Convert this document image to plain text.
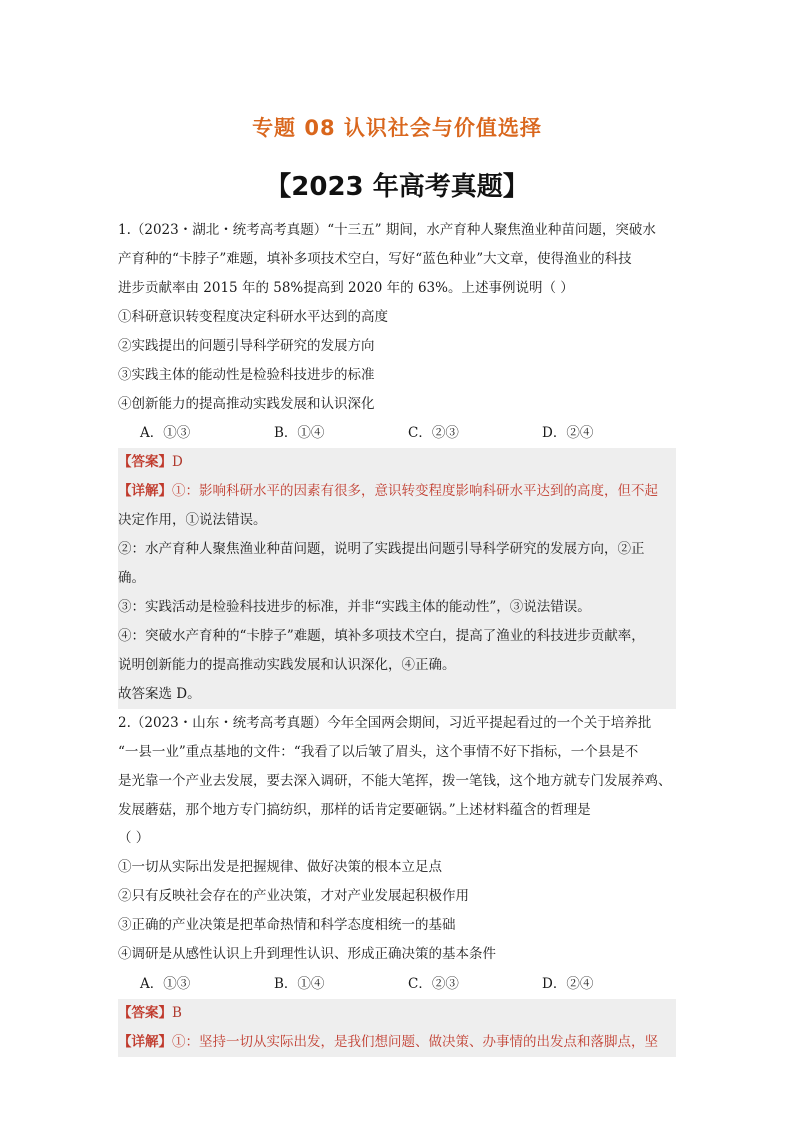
专题 08 认识社会与价值选择
【2023 年高考真题】
1.（2023・湖北・统考高考真题）“十三五” 期间，水产育种人聚焦渔业种苗问题，突破水
产育种的“卡脖子”难题，填补多项技术空白，写好“蓝色种业”大文章，使得渔业的科技
进步贡献率由 2015 年的 58%提高到 2020 年的 63%。上述事例说明（ ）
①科研意识转变程度决定科研水平达到的高度
②实践提出的问题引导科学研究的发展方向
③实践主体的能动性是检验科技进步的标准
④创新能力的提高推动实践发展和认识深化
A．①③	B．①④	C．②③	D．②④
【答案】D
【详解】①：影响科研水平的因素有很多，意识转变程度影响科研水平达到的高度，但不起
决定作用，①说法错误。
②：水产育种人聚焦渔业种苗问题，说明了实践提出问题引导科学研究的发展方向，②正
确。
③：实践活动是检验科技进步的标准，并非“实践主体的能动性”，③说法错误。
④：突破水产育种的“卡脖子”难题，填补多项技术空白，提高了渔业的科技进步贡献率，
说明创新能力的提高推动实践发展和认识深化，④正确。
故答案选 D。
2.（2023・山东・统考高考真题）今年全国两会期间，习近平提起看过的一个关于培养批
“一县一业”重点基地的文件：“我看了以后皱了眉头，这个事情不好下指标，一个县是不
是光靠一个产业去发展，要去深入调研，不能大笔挥，拨一笔钱，这个地方就专门发展养鸡、
发展蘑菇，那个地方专门搞纺织，那样的话肯定要砸锅。”上述材料蕴含的哲理是
（ ）
①一切从实际出发是把握规律、做好决策的根本立足点
②只有反映社会存在的产业决策，才对产业发展起积极作用
③正确的产业决策是把革命热情和科学态度相统一的基础
④调研是从感性认识上升到理性认识、形成正确决策的基本条件
A．①③	B．①④	C．②③	D．②④
【答案】B
【详解】①：坚持一切从实际出发，是我们想问题、做决策、办事情的出发点和落脚点，坚
